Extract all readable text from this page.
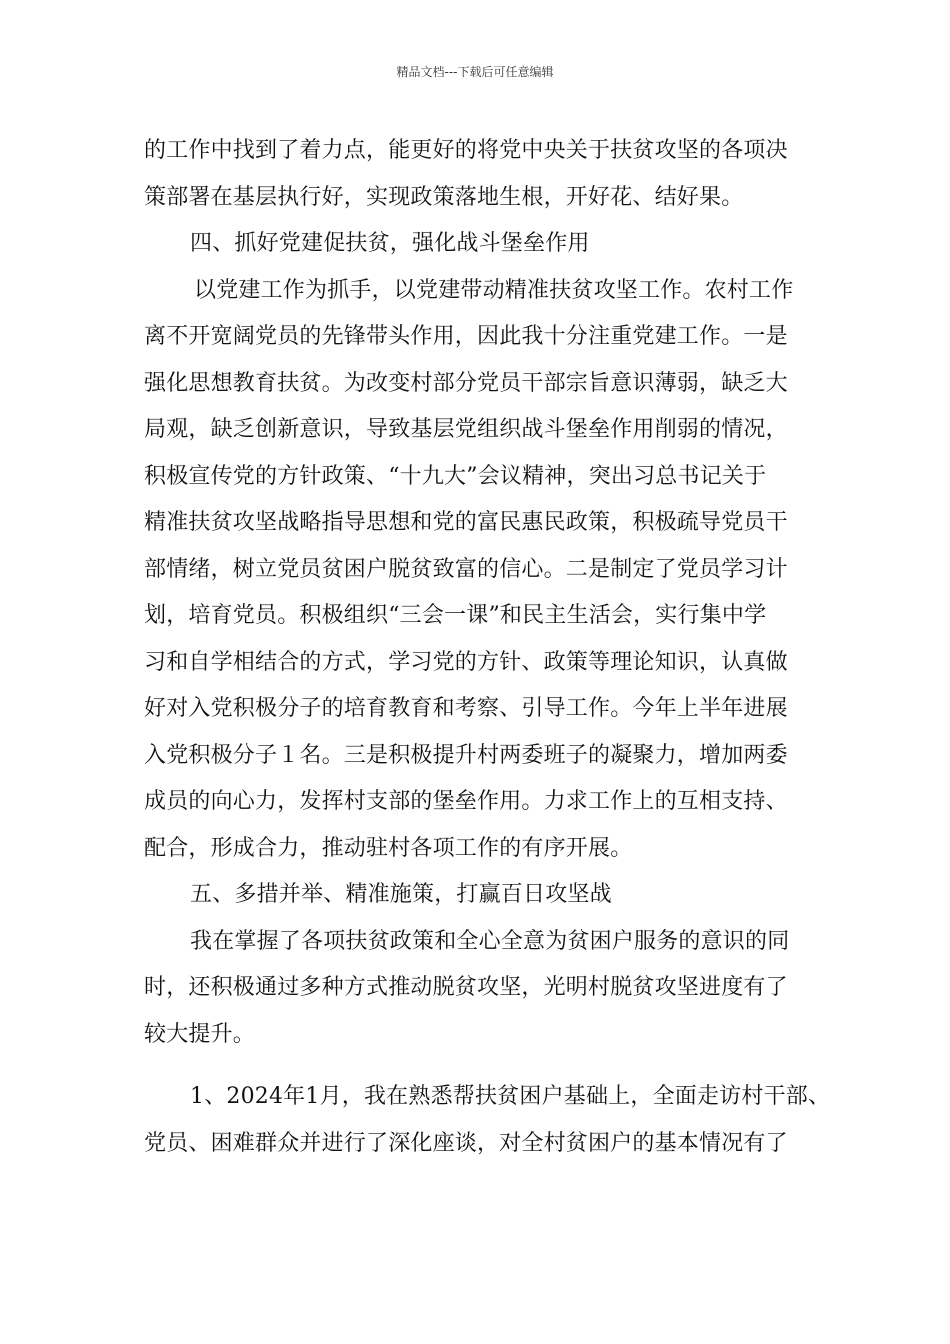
精品文档---下载后可任意编辑
的工作中找到了着力点，能更好的将党中央关于扶贫攻坚的各项决
策部署在基层执行好，实现政策落地生根，开好花、结好果。
四、抓好党建促扶贫，强化战斗堡垒作用
以党建工作为抓手，以党建带动精准扶贫攻坚工作。农村工作
离不开宽阔党员的先锋带头作用，因此我十分注重党建工作。一是
强化思想教育扶贫。为改变村部分党员干部宗旨意识薄弱，缺乏大
局观，缺乏创新意识，导致基层党组织战斗堡垒作用削弱的情况，
积极宣传党的方针政策、“十九大”会议精神，突出习总书记关于
精准扶贫攻坚战略指导思想和党的富民惠民政策，积极疏导党员干
部情绪，树立党员贫困户脱贫致富的信心。二是制定了党员学习计
划，培育党员。积极组织“三会一课”和民主生活会，实行集中学
习和自学相结合的方式，学习党的方针、政策等理论知识，认真做
好对入党积极分子的培育教育和考察、引导工作。今年上半年进展
入党积极分子１名。三是积极提升村两委班子的凝聚力，增加两委
成员的向心力，发挥村支部的堡垒作用。力求工作上的互相支持、
配合，形成合力，推动驻村各项工作的有序开展。
五、多措并举、精准施策，打赢百日攻坚战
我在掌握了各项扶贫政策和全心全意为贫困户服务的意识的同
时，还积极通过多种方式推动脱贫攻坚，光明村脱贫攻坚进度有了
较大提升。
1、2024年1月，我在熟悉帮扶贫困户基础上，全面走访村干部、
党员、困难群众并进行了深化座谈，对全村贫困户的基本情况有了
